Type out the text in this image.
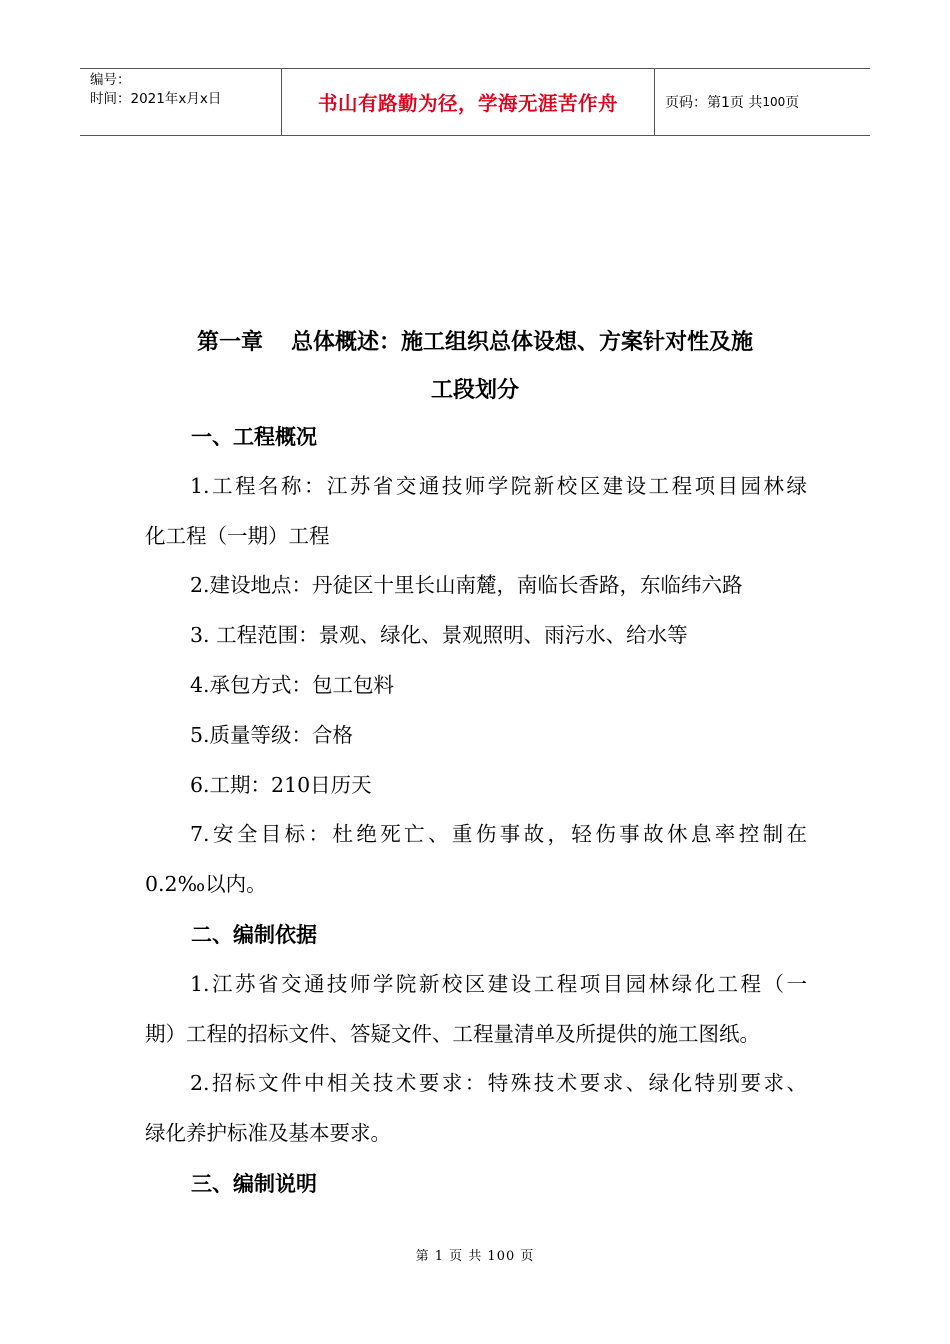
编号：
时间：2021年x月x日	书山有路勤为径，学海无涯苦作舟	页码：第1页 共 100 页
第一章 总体概述：施工组织总体设想、方案针对性及施
工段划分
一、工程概况
1.工程名称：江苏省交通技师学院新校区建设工程项目园林绿
化工程（一期）工程
2.建设地点：丹徒区十里长山南麓，南临长香路，东临纬六路
3. 工程范围：景观、绿化、景观照明、雨污水、给水等
4.承包方式：包工包料
5.质量等级：合格
6.工期：210日历天
7.安全目标：杜绝死亡、重伤事故，轻伤事故休息率控制在
0.2‰以内。
二、编制依据
1.江苏省交通技师学院新校区建设工程项目园林绿化工程（一
期）工程的招标文件、答疑文件、工程量清单及所提供的施工图纸。
2.招标文件中相关技术要求：特殊技术要求、绿化特别要求、
绿化养护标准及基本要求。
三、编制说明
第 1 页 共 100 页
